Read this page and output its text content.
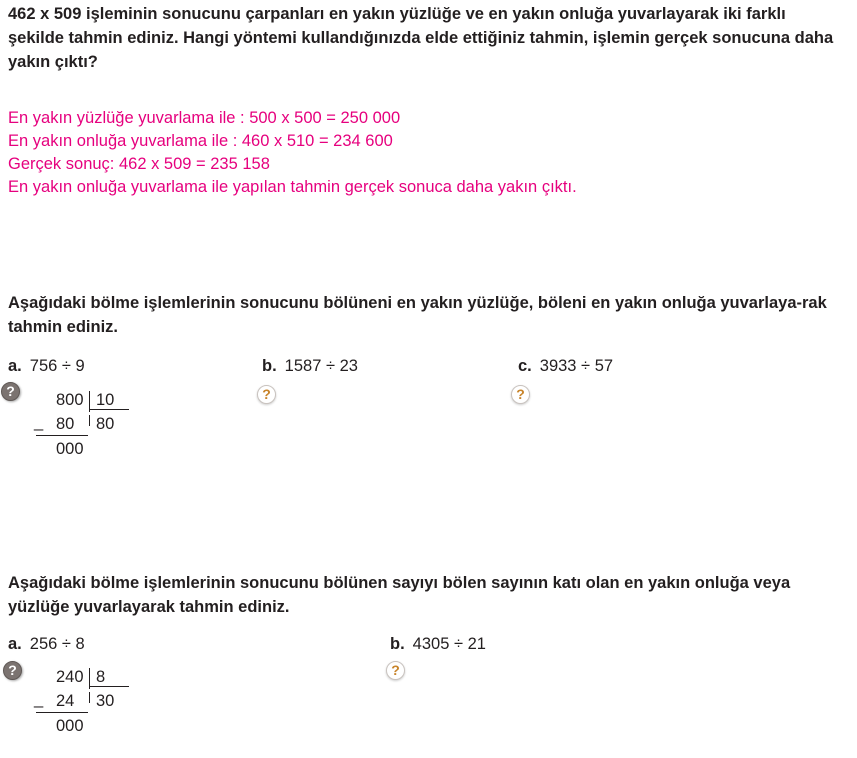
462 x 509 işleminin sonucunu çarpanları en yakın yüzlüğe ve en yakın onluğa yuvarlayarak iki farklı şekilde tahmin ediniz. Hangi yöntemi kullandığınızda elde ettiğiniz tahmin, işlemin gerçek sonucuna daha yakın çıktı?
En yakın yüzlüğe yuvarlama ile : 500 x 500 = 250 000
En yakın onluğa yuvarlama ile : 460 x 510 = 234 600
Gerçek sonuç: 462 x 509 = 235 158
En yakın onluğa yuvarlama ile yapılan tahmin gerçek sonuca daha yakın çıktı.
Aşağıdaki bölme işlemlerinin sonucunu bölüneni en yakın yüzlüğe, böleni en yakın onluğa yuvarlaya-rak tahmin ediniz.
a. 756 ÷ 9	b. 1587 ÷ 23	c. 3933 ÷ 57
?	?	?
800 10
_ 80 80
000
Aşağıdaki bölme işlemlerinin sonucunu bölünen sayıyı bölen sayının katı olan en yakın onluğa veya yüzlüğe yuvarlayarak tahmin ediniz.
a. 256 ÷ 8	b. 4305 ÷ 21
?	?
240 8
_ 24 30
000
